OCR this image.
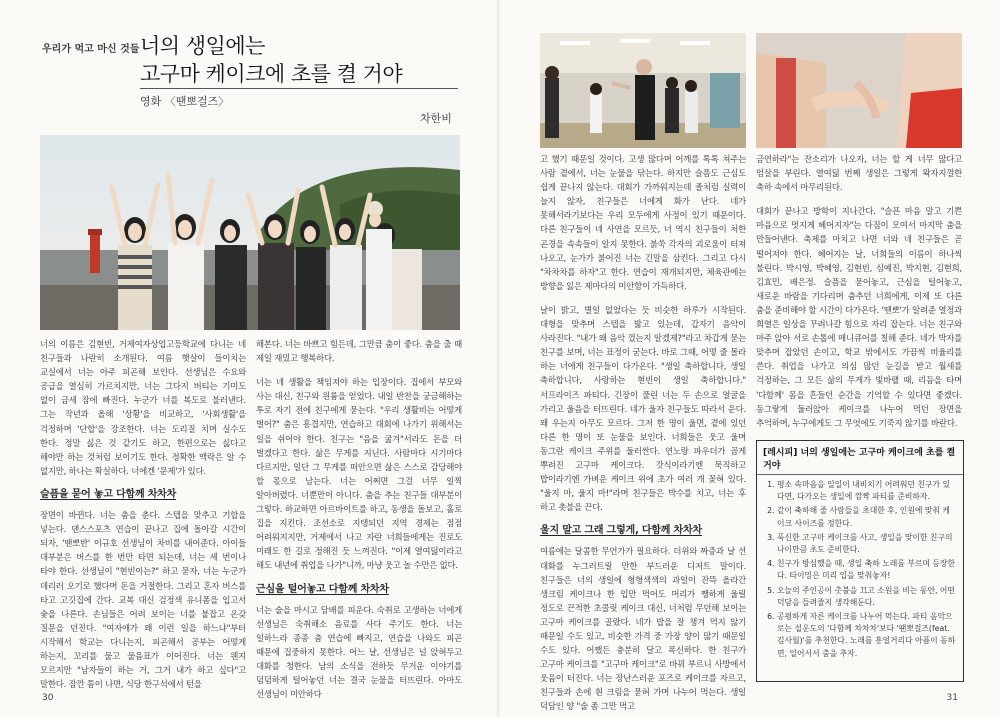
우리가 먹고 마신 것들 너의 생일에는
고구마 케이크에 초를 켤 거야
영화 〈땐뽀걸즈〉
차한비

너의 이름은 김현빈, 거제여자상업고등학교에 다니는 네 친구들과 나란히 소개된다. 여름 햇살이 들이치는 교실에서 너는 아주 피곤해 보인다. 선생님은 수요와 공급을 열심히 가르치지만, 너는 그다지 버티는 기미도 없이 금세 잠에 빠진다. 누군가 너를 복도로 불러낸다. 그는 작년과 올해 '상황'을 비교하고, '사회생활'을 걱정하며 '단합'을 강조한다. 너는 도리질 치며 실수도 한다. 정말 싫은 것 같기도 하고, 한편으로는 싫다고 해야만 하는 것처럼 보이기도 한다. 정확한 맥락은 알 수 없지만, 하나는 확실하다. 너에겐 '문제'가 있다.

슬픔을 묻어 놓고 다함께 차차차

장면이 바뀐다. 너는 춤을 춘다. 스텝을 맞추고 기합을 넣는다. 댄스스포츠 연습이 끝나고 집에 돌아갈 시간이 되자, '땐뽀반' 이규호 선생님이 차비를 내어준다. 아이들 대부분은 버스를 한 번만 타면 되는데, 너는 세 번이나 타야 한다. 선생님이 "현빈이는?" 하고 묻자, 너는 누군가 데리러 오기로 했다며 돈을 거절한다. 그리고 혼자 버스를 타고 고깃집에 간다. 교복 대신 검정색 유니폼을 입고서 숯을 나른다. 손님들은 어려 보이는 너를 붙잡고 온갖 질문을 던진다. "여자애가 왜 이런 일을 하느냐"부터 시작해서 학교는 다니는지, 피곤해서 공부는 어떻게 하는지, 꼬리를 물고 물음표가 이어진다. 너는 웬지 모르지만 "남자들이 하는 거, 그거 내가 하고 싶다"고 말한다. 잠깐 틈이 나면, 식당 한구석에서 턴을

해본다. 너는 바쁘고 힘든데, 그만큼 춤이 좋다. 춤을 출 때 제일 재밌고 행복하다.

너는 네 생활을 책임져야 하는 입장이다. 집에서 부모와 사는 대신, 친구와 원룸을 얻었다. 내일 반찬을 궁금해하는 투로 자기 전에 친구에게 묻는다. "우리 생활비는 어떻게 벌어?" 춤은 흥겹지만, 연습하고 대회에 나가기 위해서는 일을 쉬어야 한다. 친구는 "음을 굶겨"서라도 돈을 더 벌겠다고 한다. 삶은 무게를 지닌다. 사람마다 시기마다 다르지만, 일단 그 무게를 떠안으면 삶은 스스로 감당해야 할 몫으로 남는다. 너는 어쩌면 그걸 너무 일찍 알아버렸다. 너뿐만이 아니다. 춤을 추는 친구들 대부분이 그렇다. 하교하면 아르바이트를 하고, 동생을 돌보고, 홀로 집을 지킨다. 조선소로 지탱되던 지역 경제는 점점 어려워지지만, 거제에서 나고 자란 너희들에게는 진로도 미래도 한 길로 정해진 듯 느껴진다. "이제 열여덟이라고 해도 내년에 취업을 나가"니까, 마냥 웃고 놀 수만은 없다.

근심을 털어놓고 다함께 차차차

너는 술을 마시고 담배를 피운다. 숙취로 고생하는 너에게 선생님은 숙취해소 음료를 사다 주기도 한다. 너는 일하느라 종종 춤 연습에 빠지고, 연습을 나와도 피곤 때문에 집중하지 못한다. 어느 날, 선생님은 널 앉혀두고 대화를 청한다. 남의 소식을 전하듯 무거운 이야기를 덤덤하게 털어놓던 너는 결국 눈물을 터뜨린다. 아마도 선생님이 미안하다

30

고 했기 때문일 것이다. 고생 많다며 어깨를 톡톡 쳐주는 사람 곁에서, 너는 눈물을 닦는다. 하지만 슬픔도 근심도 쉽게 끝나지 않는다. 대회가 가까워지는데 졸처럼 실력이 늘지 않자, 친구들은 너에게 화가 난다. 네가 못해서라기보다는 우리 모두에게 사정이 있기 때문이다. 다른 친구들이 네 사연을 모르듯, 너 역시 친구들이 처한 곤경을 속속들이 알지 못한다. 붉쑥 각자의 괴로움이 터져 나오고, 눈가가 붉어진 너는 긴말을 삼킨다. 그리고 다시 "차차차를 하자"고 한다. 연습이 재개되지만, 체육관에는 방향을 잃은 제마다의 미안함이 가득하다.

날이 밝고, 별일 없었다는 듯 비슷한 하루가 시작된다. 대형을 맞추며 스텝을 밟고 있는데, 갑자기 음악이 사라진다. "내가 왜 음악 껐는지 알겠제?"라고 차갑게 묻는 친구를 보며, 너는 표정이 굳는다. 바로 그때, 어떻 줄 몰라 하는 너에게 친구들이 다가온다. "생일 축하합니다, 생일 축하합니다, 사랑하는 현빈이 생일 축하합니다." 서프라이즈 파티다. 긴장이 풀린 너는 두 손으로 얼굴을 가리고 울음을 터뜨린다. 네가 울자 친구들도 따라서 운다. 왜 우는지 아무도 모르다. 그저 한 명이 울면, 곁에 있던 다른 한 명이 또 눈물을 보인다. 너희들은 웃고 울며 동그란 케이크 주위를 둘러싼다. 연노랑 파우더가 곱게 뿌려진 고구마 케이크다. 갓식이라기엔 묵직하고 밥이라기엔 가벼운 케이크 위에 초가 여러 개 꽂혀 있다. "울지 마, 울지 마!"라며 친구들은 박수를 치고, 너는 후 하고 촛불을 끈다.

울지 말고 그래 그렇게, 다함께 차차차

여름에는 달콤한 무언가가 필요하다. 더위와 짜증과 날 선 대화를 누그러트릴 만한 부드러운 디저트 말이다. 친구들은 너의 생일에 형형색색의 과일이 잔뜩 올라간 생크림 케이크나 한 입만 먹어도 머리가 쨍하게 울릴 정도로 끈적한 초콜릿 케이크 대신, 너처럼 무던해 보이는 고구마 케이크를 골랐다. 네가 밥을 잘 챙겨 먹지 않기 때문일 수도 있고, 비슷한 가격 중 가장 양이 많기 때문일 수도 있다. 어쨌든 충분히 달고 폭신하다. 한 친구가 고구마 케이크를 "고구마 케이크"로 바꿔 부르니 사방에서 웃음이 터진다. 너는 장난스러운 포즈로 케이크를 자르고, 친구들과 손에 흰 크림을 묻혀 가며 나누어 먹는다. 생일 덕담인 양 "술 좀 그만 먹고

금연하라"는 잔소리가 나오자, 너는 할 게 너무 많다고 엄살을 부린다. 열여덟 번째 생일은 그렇게 왁자지껄한 축하 속에서 마무리된다.

대회가 끝나고 방학이 지나간다. "슬픈 마음 말고 기쁜 마음으로 멋지게 헤어지자"는 다짐이 모여서 마지막 춤을 만들어낸다. 축제를 마치고 나면 너와 네 친구들은 곧 떨어져야 한다. 헤어지는 날, 너희들의 이름이 하나씩 불린다. 박시영, 박혜영, 김현빈, 심예진, 박지현, 김현희, 김효민, 배은정. 슬픔을 묻어놓고, 근심을 털어놓고, 새로운 바람을 기다리며 춤추던 너희에게, 이제 또 다른 춤을 준비해야 할 시간이 다가온다. '땐뽀'가 알려준 열정과 희열은 일상을 꾸려나갈 힘으로 자리 잡는다. 너는 친구와 마주 앉아 서로 손톱에 매니큐어를 칠해 준다. 네가 박자를 맞추며 잡았던 손이고, 학교 밖에서도 가끔씩 비율리를 쓴다. 취업을 나가고 의심 많던 눈길을 받고 월세를 걱정하는, 그 모든 삶의 무게가 빛바랠 때, 리듬을 타며 '다함께' 몸을 흔들던 순간을 기억할 수 있다면 좋겠다. 동그랗게 둘러앉아 케이크를 나누어 먹던 장면을 추억하며, 누구에게도 그 무엇에도 기죽지 않기를 바란다.

[레시피] 너의 생일에는 고구마 케이크에 초를 켤 거야
1. 평소 속마음을 일일이 내비치기 어려워던 친구가 있다면, 다가오는 생일에 깜짝 파티를 준비하자.
2. 같이 축하해 줄 사람들을 초대한 후, 인원에 맞춰 케이크 사이즈를 정한다.
3. 푹신한 고구마 케이크를 사고, 생일을 맞이한 친구의 나이만큼 초도 준비한다.
4. 친구가 방심했을 때, 생일 축하 노래를 부르며 등장한다. 타이밍은 미리 입을 맞춰놓자!
5. 오늘의 주인공이 촛불을 끄고 소원을 비는 동안, 어떤 덕담을 들려줄지 생각해둔다.
6. 공평하게 자른 케이크를 나누어 먹는다. 파티 음악으로는 설운도의 '다함께 차차차'보다 '땐뽀걸즈(feat. 김사월)'를 추천한다. 노래를 흥얼거리다 아픔이 동하면, 일어서서 춤을 추자.
31
